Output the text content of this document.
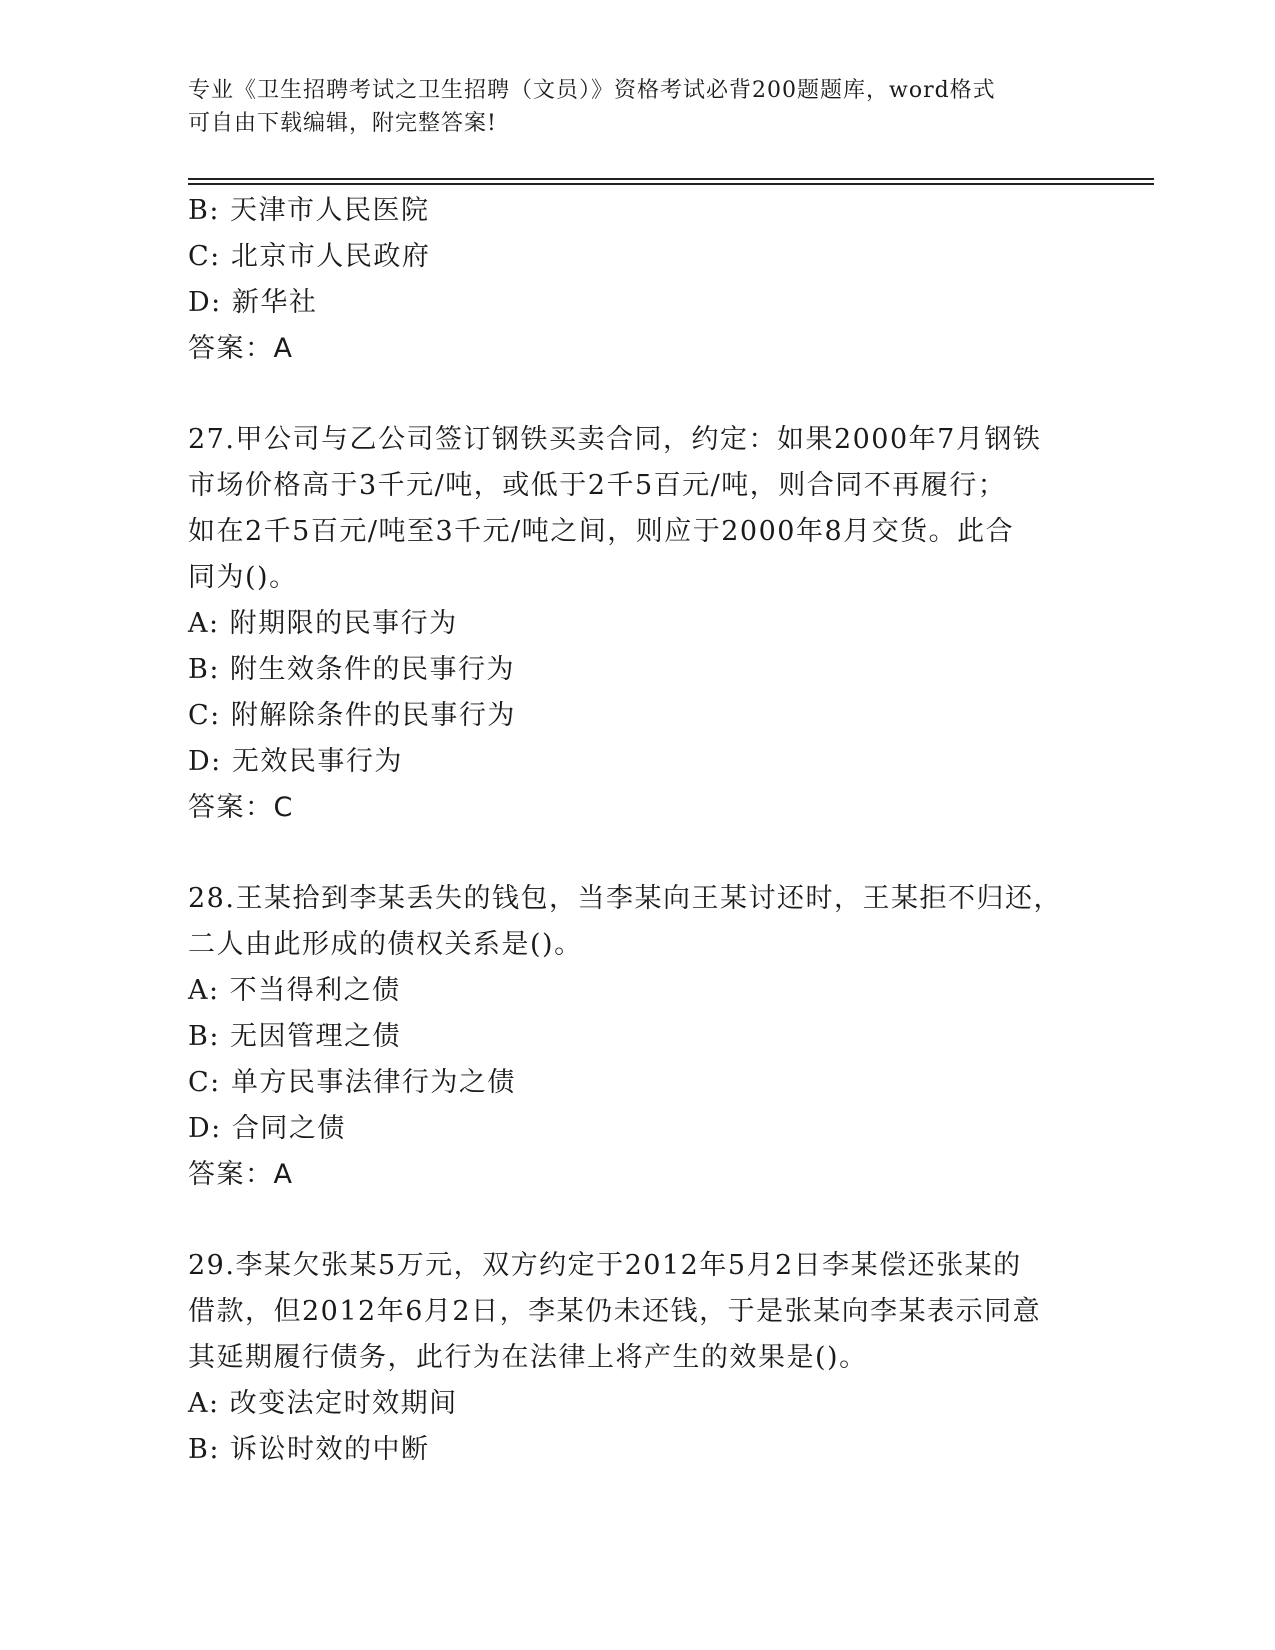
专业《卫生招聘考试之卫生招聘（文员）》资格考试必背200题题库，word格式
可自由下载编辑，附完整答案!
B: 天津市人民医院
C: 北京市人民政府
D: 新华社
答案：A
27.甲公司与乙公司签订钢铁买卖合同，约定：如果2000年7月钢铁
市场价格高于3千元/吨，或低于2千5百元/吨，则合同不再履行；
如在2千5百元/吨至3千元/吨之间，则应于2000年8月交货。此合
同为()。
A: 附期限的民事行为
B: 附生效条件的民事行为
C: 附解除条件的民事行为
D: 无效民事行为
答案：C
28.王某拾到李某丢失的钱包，当李某向王某讨还时，王某拒不归还，
二人由此形成的债权关系是()。
A: 不当得利之债
B: 无因管理之债
C: 单方民事法律行为之债
D: 合同之债
答案：A
29.李某欠张某5万元，双方约定于2012年5月2日李某偿还张某的
借款，但2012年6月2日，李某仍未还钱，于是张某向李某表示同意
其延期履行债务，此行为在法律上将产生的效果是()。
A: 改变法定时效期间
B: 诉讼时效的中断
